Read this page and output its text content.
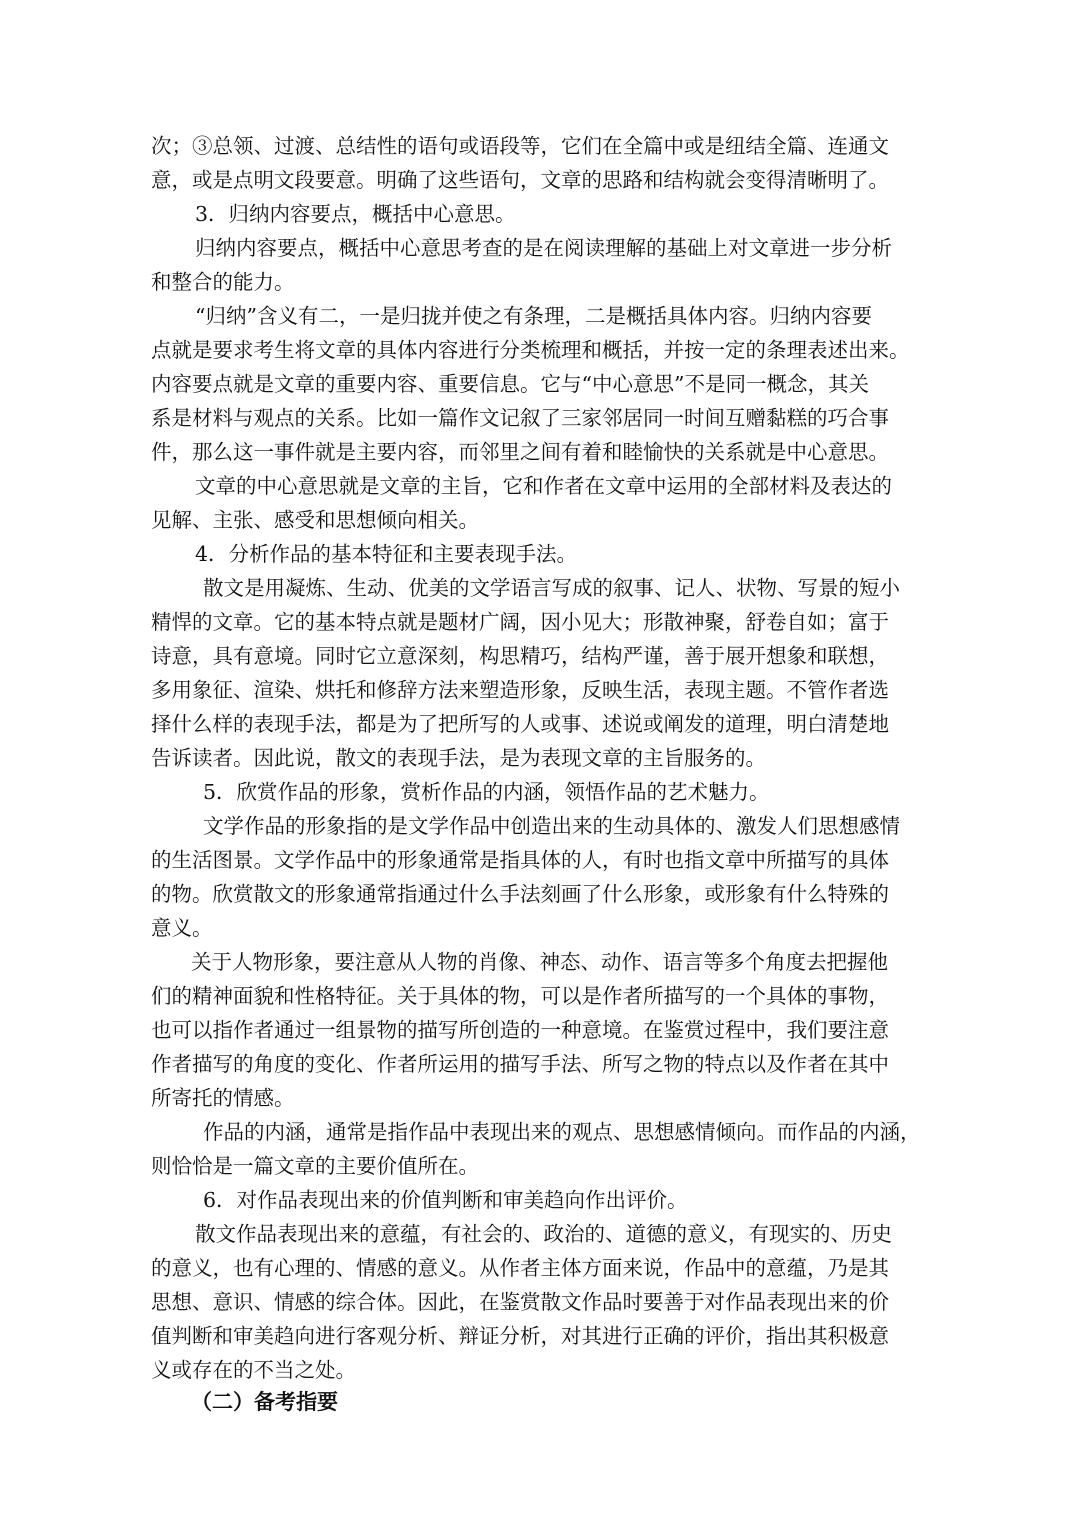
次；③总领、过渡、总结性的语句或语段等，它们在全篇中或是纽结全篇、连通文
意，或是点明文段要意。明确了这些语句，文章的思路和结构就会变得清晰明了。
3．归纳内容要点，概括中心意思。
归纳内容要点，概括中心意思考查的是在阅读理解的基础上对文章进一步分析
和整合的能力。
“归纳”含义有二，一是归拢并使之有条理，二是概括具体内容。归纳内容要
点就是要求考生将文章的具体内容进行分类梳理和概括，并按一定的条理表述出来。
内容要点就是文章的重要内容、重要信息。它与“中心意思”不是同一概念，其关
系是材料与观点的关系。比如一篇作文记叙了三家邻居同一时间互赠黏糕的巧合事
件，那么这一事件就是主要内容，而邻里之间有着和睦愉快的关系就是中心意思。
文章的中心意思就是文章的主旨，它和作者在文章中运用的全部材料及表达的
见解、主张、感受和思想倾向相关。
4．分析作品的基本特征和主要表现手法。
散文是用凝炼、生动、优美的文学语言写成的叙事、记人、状物、写景的短小
精悍的文章。它的基本特点就是题材广阔，因小见大；形散神聚，舒卷自如；富于
诗意，具有意境。同时它立意深刻，构思精巧，结构严谨，善于展开想象和联想，
多用象征、渲染、烘托和修辞方法来塑造形象，反映生活，表现主题。不管作者选
择什么样的表现手法，都是为了把所写的人或事、述说或阐发的道理，明白清楚地
告诉读者。因此说，散文的表现手法，是为表现文章的主旨服务的。
5．欣赏作品的形象，赏析作品的内涵，领悟作品的艺术魅力。
文学作品的形象指的是文学作品中创造出来的生动具体的、激发人们思想感情
的生活图景。文学作品中的形象通常是指具体的人，有时也指文章中所描写的具体
的物。欣赏散文的形象通常指通过什么手法刻画了什么形象，或形象有什么特殊的
意义。
关于人物形象，要注意从人物的肖像、神态、动作、语言等多个角度去把握他
们的精神面貌和性格特征。关于具体的物，可以是作者所描写的一个具体的事物，
也可以指作者通过一组景物的描写所创造的一种意境。在鉴赏过程中，我们要注意
作者描写的角度的变化、作者所运用的描写手法、所写之物的特点以及作者在其中
所寄托的情感。
作品的内涵，通常是指作品中表现出来的观点、思想感情倾向。而作品的内涵，
则恰恰是一篇文章的主要价值所在。
6．对作品表现出来的价值判断和审美趋向作出评价。
散文作品表现出来的意蕴，有社会的、政治的、道德的意义，有现实的、历史
的意义，也有心理的、情感的意义。从作者主体方面来说，作品中的意蕴，乃是其
思想、意识、情感的综合体。因此，在鉴赏散文作品时要善于对作品表现出来的价
值判断和审美趋向进行客观分析、辩证分析，对其进行正确的评价，指出其积极意
义或存在的不当之处。
（二）备考指要
